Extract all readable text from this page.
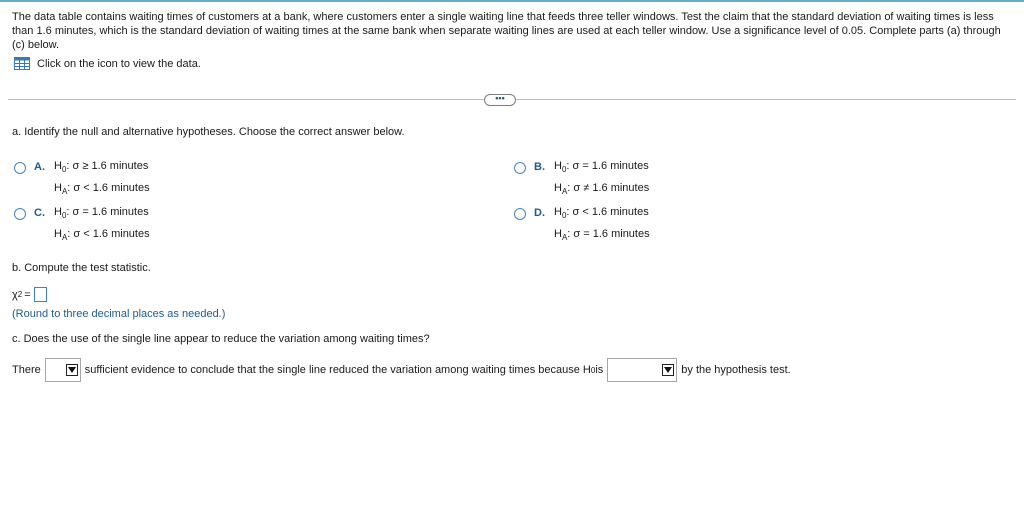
The data table contains waiting times of customers at a bank, where customers enter a single waiting line that feeds three teller windows. Test the claim that the standard deviation of waiting times is less than 1.6 minutes, which is the standard deviation of waiting times at the same bank when separate waiting lines are used at each teller window. Use a significance level of 0.05. Complete parts (a) through (c) below.
Click on the icon to view the data.
•••
a. Identify the null and alternative hypotheses. Choose the correct answer below.
A. $H_0$: σ ≥ 1.6 minutes
$H_A$: σ < 1.6 minutes
B. $H_0$: σ = 1.6 minutes
$H_A$: σ ≠ 1.6 minutes
C. $H_0$: σ = 1.6 minutes
$H_A$: σ < 1.6 minutes
D. $H_0$: σ < 1.6 minutes
$H_A$: σ = 1.6 minutes
b. Compute the test statistic.
χ 2 =
(Round to three decimal places as needed.)
c. Does the use of the single line appear to reduce the variation among waiting times?
There	sufficient evidence to conclude that the single line reduced the variation among waiting times because H 0 is	by the hypothesis test.
